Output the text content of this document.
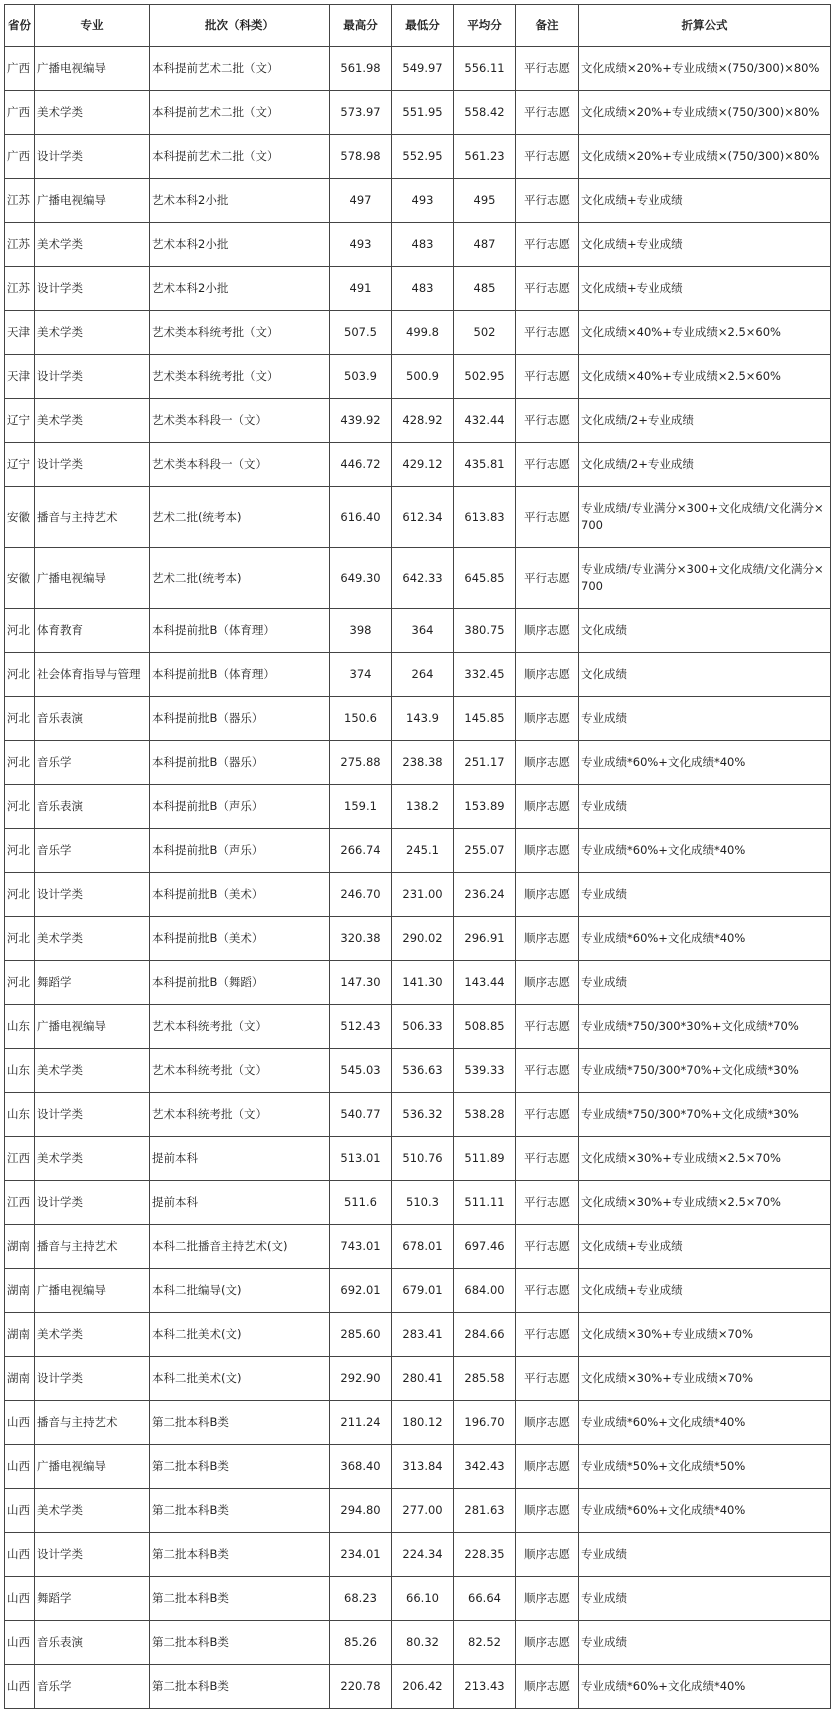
省份	专业	批次（科类）	最高分	最低分	平均分	备注	折算公式
广西	广播电视编导	本科提前艺术二批（文）	561.98	549.97	556.11	平行志愿	文化成绩×20%+专业成绩×(750/300)×80%
广西	美术学类	本科提前艺术二批（文）	573.97	551.95	558.42	平行志愿	文化成绩×20%+专业成绩×(750/300)×80%
广西	设计学类	本科提前艺术二批（文）	578.98	552.95	561.23	平行志愿	文化成绩×20%+专业成绩×(750/300)×80%
江苏	广播电视编导	艺术本科2小批	497	493	495	平行志愿	文化成绩+专业成绩
江苏	美术学类	艺术本科2小批	493	483	487	平行志愿	文化成绩+专业成绩
江苏	设计学类	艺术本科2小批	491	483	485	平行志愿	文化成绩+专业成绩
天津	美术学类	艺术类本科统考批（文）	507.5	499.8	502	平行志愿	文化成绩×40%+专业成绩×2.5×60%
天津	设计学类	艺术类本科统考批（文）	503.9	500.9	502.95	平行志愿	文化成绩×40%+专业成绩×2.5×60%
辽宁	美术学类	艺术类本科段一（文）	439.92	428.92	432.44	平行志愿	文化成绩/2+专业成绩
辽宁	设计学类	艺术类本科段一（文）	446.72	429.12	435.81	平行志愿	文化成绩/2+专业成绩
安徽	播音与主持艺术	艺术二批(统考本)	616.40	612.34	613.83	平行志愿	专业成绩/专业满分×300+文化成绩/文化满分×700
安徽	广播电视编导	艺术二批(统考本)	649.30	642.33	645.85	平行志愿	专业成绩/专业满分×300+文化成绩/文化满分×700
河北	体育教育	本科提前批B（体育理）	398	364	380.75	顺序志愿	文化成绩
河北	社会体育指导与管理	本科提前批B（体育理）	374	264	332.45	顺序志愿	文化成绩
河北	音乐表演	本科提前批B（器乐）	150.6	143.9	145.85	顺序志愿	专业成绩
河北	音乐学	本科提前批B（器乐）	275.88	238.38	251.17	顺序志愿	专业成绩*60%+文化成绩*40%
河北	音乐表演	本科提前批B（声乐）	159.1	138.2	153.89	顺序志愿	专业成绩
河北	音乐学	本科提前批B（声乐）	266.74	245.1	255.07	顺序志愿	专业成绩*60%+文化成绩*40%
河北	设计学类	本科提前批B（美术）	246.70	231.00	236.24	顺序志愿	专业成绩
河北	美术学类	本科提前批B（美术）	320.38	290.02	296.91	顺序志愿	专业成绩*60%+文化成绩*40%
河北	舞蹈学	本科提前批B（舞蹈）	147.30	141.30	143.44	顺序志愿	专业成绩
山东	广播电视编导	艺术本科统考批（文）	512.43	506.33	508.85	平行志愿	专业成绩*750/300*30%+文化成绩*70%
山东	美术学类	艺术本科统考批（文）	545.03	536.63	539.33	平行志愿	专业成绩*750/300*70%+文化成绩*30%
山东	设计学类	艺术本科统考批（文）	540.77	536.32	538.28	平行志愿	专业成绩*750/300*70%+文化成绩*30%
江西	美术学类	提前本科	513.01	510.76	511.89	平行志愿	文化成绩×30%+专业成绩×2.5×70%
江西	设计学类	提前本科	511.6	510.3	511.11	平行志愿	文化成绩×30%+专业成绩×2.5×70%
湖南	播音与主持艺术	本科二批播音主持艺术(文)	743.01	678.01	697.46	平行志愿	文化成绩+专业成绩
湖南	广播电视编导	本科二批编导(文)	692.01	679.01	684.00	平行志愿	文化成绩+专业成绩
湖南	美术学类	本科二批美术(文)	285.60	283.41	284.66	平行志愿	文化成绩×30%+专业成绩×70%
湖南	设计学类	本科二批美术(文)	292.90	280.41	285.58	平行志愿	文化成绩×30%+专业成绩×70%
山西	播音与主持艺术	第二批本科B类	211.24	180.12	196.70	顺序志愿	专业成绩*60%+文化成绩*40%
山西	广播电视编导	第二批本科B类	368.40	313.84	342.43	顺序志愿	专业成绩*50%+文化成绩*50%
山西	美术学类	第二批本科B类	294.80	277.00	281.63	顺序志愿	专业成绩*60%+文化成绩*40%
山西	设计学类	第二批本科B类	234.01	224.34	228.35	顺序志愿	专业成绩
山西	舞蹈学	第二批本科B类	68.23	66.10	66.64	顺序志愿	专业成绩
山西	音乐表演	第二批本科B类	85.26	80.32	82.52	顺序志愿	专业成绩
山西	音乐学	第二批本科B类	220.78	206.42	213.43	顺序志愿	专业成绩*60%+文化成绩*40%
